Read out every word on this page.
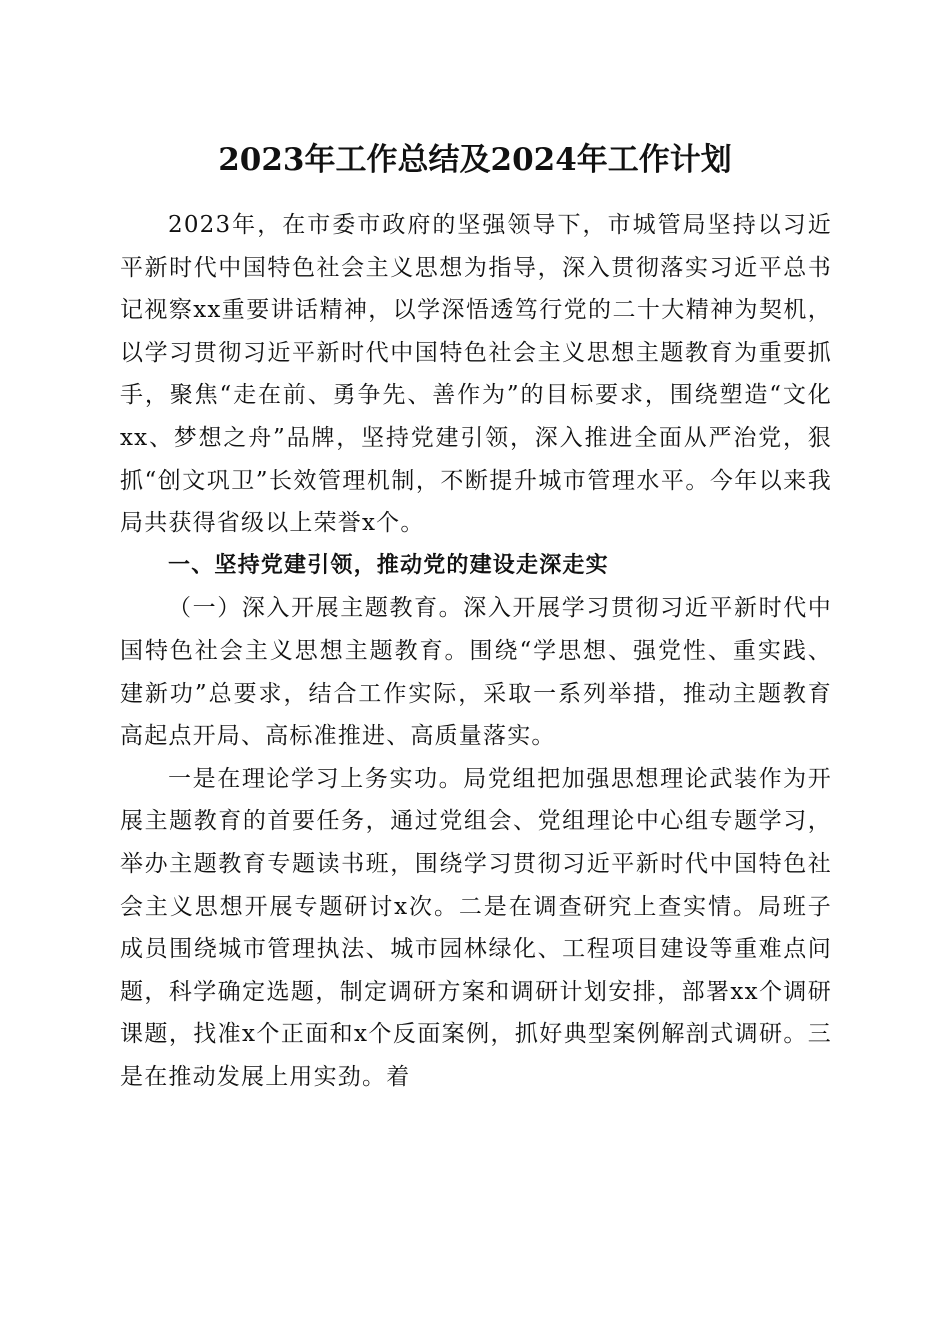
2023年工作总结及2024年工作计划

2023年，在市委市政府的坚强领导下，市城管局坚持以习近平新时代中国特色社会主义思想为指导，深入贯彻落实习近平总书记视察xx重要讲话精神，以学深悟透笃行党的二十大精神为契机，以学习贯彻习近平新时代中国特色社会主义思想主题教育为重要抓手，聚焦“走在前、勇争先、善作为”的目标要求，围绕塑造“文化xx、梦想之舟”品牌，坚持党建引领，深入推进全面从严治党，狠抓“创文巩卫”长效管理机制，不断提升城市管理水平。今年以来我局共获得省级以上荣誉x个。

一、坚持党建引领，推动党的建设走深走实

（一）深入开展主题教育。深入开展学习贯彻习近平新时代中国特色社会主义思想主题教育。围绕“学思想、强党性、重实践、建新功”总要求，结合工作实际，采取一系列举措，推动主题教育高起点开局、高标准推进、高质量落实。

一是在理论学习上务实功。局党组把加强思想理论武装作为开展主题教育的首要任务，通过党组会、党组理论中心组专题学习，举办主题教育专题读书班，围绕学习贯彻习近平新时代中国特色社会主义思想开展专题研讨x次。二是在调查研究上查实情。局班子成员围绕城市管理执法、城市园林绿化、工程项目建设等重难点问题，科学确定选题，制定调研方案和调研计划安排，部署xx个调研课题，找准x个正面和x个反面案例，抓好典型案例解剖式调研。三是在推动发展上用实劲。着
